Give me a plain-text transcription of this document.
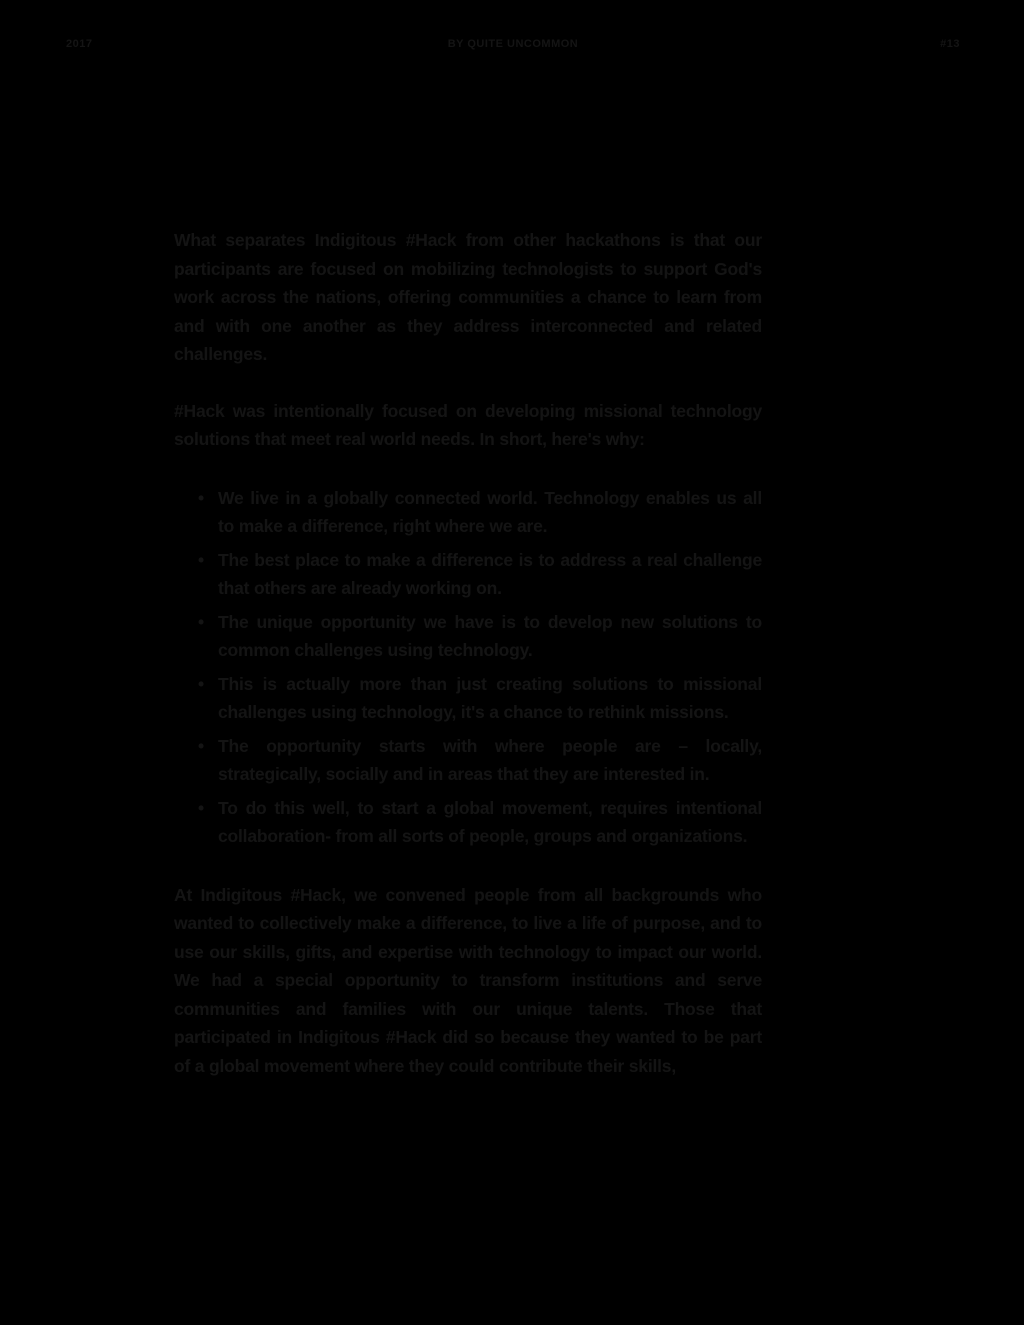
2017	BY QUITE UNCOMMON	#13

What separates Indigitous #Hack from other hackathons is that our participants are focused on mobilizing technologists to support God's work across the nations, offering communities a chance to learn from and with one another as they address interconnected and related challenges.

#Hack was intentionally focused on developing missional technology solutions that meet real world needs. In short, here's why:

• We live in a globally connected world. Technology enables us all to make a difference, right where we are.
• The best place to make a difference is to address a real challenge that others are already working on.
• The unique opportunity we have is to develop new solutions to common challenges using technology.
• This is actually more than just creating solutions to missional challenges using technology, it's a chance to rethink missions.
• The opportunity starts with where people are – locally, strategically, socially and in areas that they are interested in.
• To do this well, to start a global movement, requires intentional collaboration- from all sorts of people, groups and organizations.

At Indigitous #Hack, we convened people from all backgrounds who wanted to collectively make a difference, to live a life of purpose, and to use our skills, gifts, and expertise with technology to impact our world. We had a special opportunity to transform institutions and serve communities and families with our unique talents. Those that participated in Indigitous #Hack did so because they wanted to be part of a global movement where they could contribute their skills,
